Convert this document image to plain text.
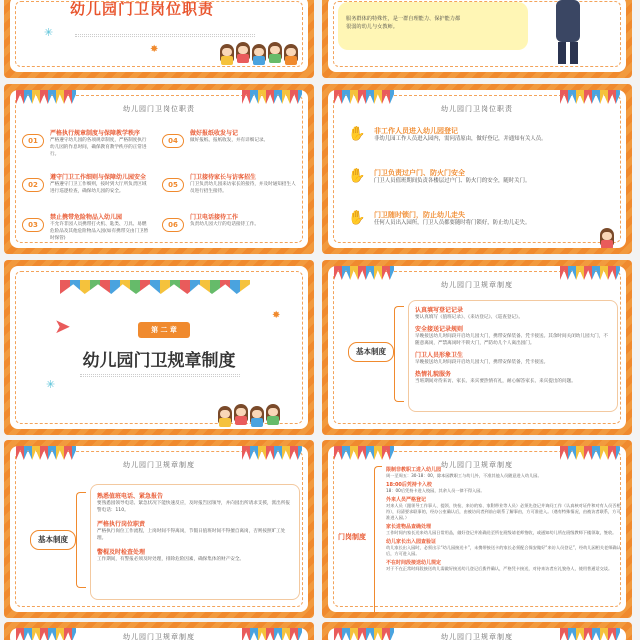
幼儿园门卫岗位职责
✳
✸
服务群体的特殊性，是一群自理能力、保护能力都
很弱的幼儿与女教师。
幼儿园门卫岗位职责
01
严格执行规章制度与保障教学秩序
严格遵守幼儿园的各项规章制度，严格制度执行幼儿园的作息时间，确保教育教学秩序的正常进行。
02
遵守门卫工作细则与保障幼儿园安全
严格遵守门卫工作细则，按时到大厅所负责区域进行巡逻检查，确保幼儿园的安全。
03
禁止携带危险物品入幼儿园
不允许非园人员携带打火机、匙类、刀具、易燃危险品及其他危险物品入园(如有携带交由门卫暂时保管)
04
做好报纸收发与记
做好报纸、报纸收发，并有详细记录。
05
门卫接待家长与访客招生
门卫负责幼儿园来访家长的接待，并及时通知招生人员进行招生接待。
06
门卫电话接待工作
负责幼儿园大厅的电话接待工作。
幼儿园门卫岗位职责
✋ 非工作人员进入幼儿园登记
非幼儿园工作人员进入园内，需问清原由，做好登记，并通知有关人员。
✋ 门卫负责过户门、防火门安全
门卫人员值班期间负责各楼层过户门、防火门的安全，随时关门。
✋ 门卫随时锁门，防止幼儿走失
任何人员出入园所，门卫人员都要随时将门锁好，防止幼儿走失。
➤	✸
✳
第 二 章
幼儿园门卫规章制度
幼儿园门卫规章制度
基本制度
认真填写登记记录
要认真填写《值班记录》、《来访登记》、《巡查登记》。
安全接送记录规则
早晚接送幼儿时间段开启幼儿园大门，携带安保装备、凭卡接送。其余时间关闭幼儿园大门，不随意离岗，严禁离岗时不锁大门，严防幼儿个人离出园门。
门卫人员形象卫生
早晚接送幼儿时间段开启幼儿园大门，携带安保装备，凭卡接送。
热情礼貌服务
当班期间对待来访、家长、来宾要热情有礼，耐心解答家长、来宾提出的问题。
幼儿园门卫规章制度
基本制度
熟悉值班电话、紧急报告
要熟悉园领导电话、紧急状况下能快速反应，及时报告园领导，并向园出所请求支援，派出所报警电话：110。
严格执行岗位职责
严格执行岗位工作流程，上岗时间不得离岗，节假日值班时间不得擅自离岗，否则按照旷工处理。
警棍及时检查处理
工作期间，有警报必须及时处理，排除危险因素，确保集体的财产安全。
幼儿园门卫规章制度
门岗制度
限制非教职工进入幼儿园
周一至周五：30-18：00，除本园教职工与幼儿外，不准其他人员随意进入幼儿园。
18:00后凭持卡入校
18：00后凭持卡进入校园，其余人员一律不得入园。
外来人员严格登记
对来人员（跟领导工作事人、提领、快检、来访的家、家附带业等人员）必须先登记并询问工作（认真核对证件和对有人员否相符），问清要求联事的，经办公室确认后，由被访问者到前台联系了解事由，方可准进入。（遇有特殊情况，由被访者联系，方可准进入园。）
家长进物品查确处理
工作时间内家长送来幼儿园日常用品，做好登记并准确送至所在班级请老师签收，或通知幼儿所在班级教师下楼领取，签收。
幼儿家长出入园查验证
幼儿家长出入园时，必须出示“幼儿园接送卡”，未携带接送卡的家长必须配合保安做好“来访人员登记”，经幼儿园相关老师确认后，方可进入园。
不在时间段接送幼儿规定
对于不在正常时间段接送幼儿需做好接送幼儿登记后拨件确认，严格凭卡接送，对待来访者应礼貌待人，使用普通话交谈。
幼儿园门卫规章制度	幼儿园门卫规章制度
